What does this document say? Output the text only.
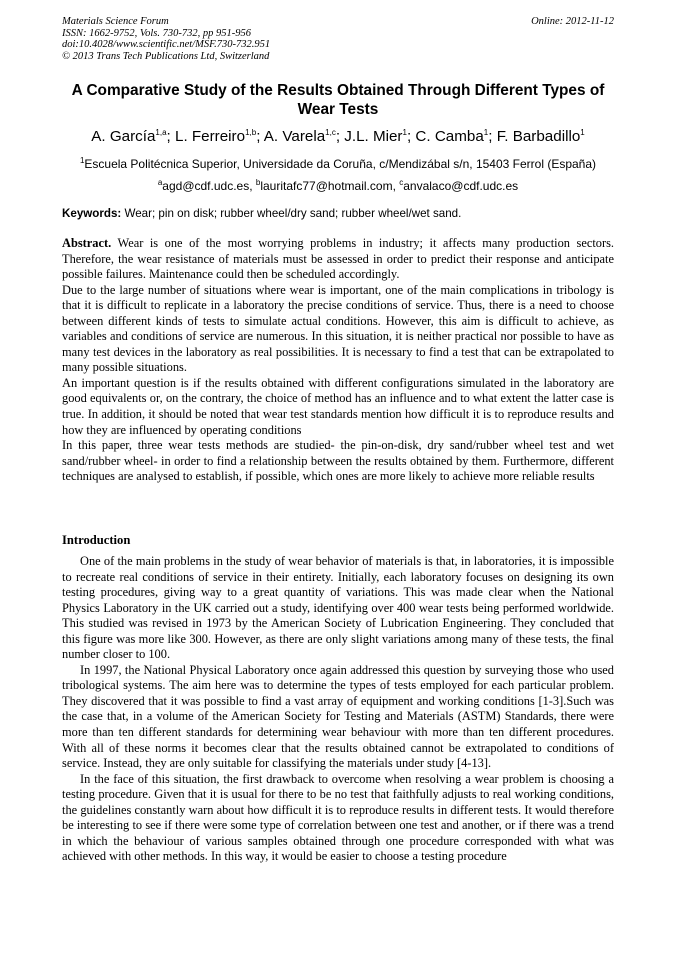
Materials Science Forum
ISSN: 1662-9752, Vols. 730-732, pp 951-956
doi:10.4028/www.scientific.net/MSF.730-732.951
© 2013 Trans Tech Publications Ltd, Switzerland
Online: 2012-11-12
A Comparative Study of the Results Obtained Through Different Types of Wear Tests
A. García$^{1,a}$; L. Ferreiro$^{1,b}$; A. Varela$^{1,c}$; J.L. Mier$^1$; C. Camba$^1$; F. Barbadillo$^1$
$^1$Escuela Politécnica Superior, Universidade da Coruña, c/Mendizábal s/n, 15403 Ferrol (España)
$^a$agd@cdf.udc.es, $^b$lauritafc77@hotmail.com, $^c$anvalaco@cdf.udc.es
Keywords: Wear; pin on disk; rubber wheel/dry sand; rubber wheel/wet sand.

Abstract. Wear is one of the most worrying problems in industry; it affects many production sectors. Therefore, the wear resistance of materials must be assessed in order to predict their response and anticipate possible failures. Maintenance could then be scheduled accordingly.

Due to the large number of situations where wear is important, one of the main complications in tribology is that it is difficult to replicate in a laboratory the precise conditions of service. Thus, there is a need to choose between different kinds of tests to simulate actual conditions. However, this aim is difficult to achieve, as variables and conditions of service are numerous. In this situation, it is neither practical nor possible to have as many test devices in the laboratory as real possibilities. It is necessary to find a test that can be extrapolated to many possible situations.

An important question is if the results obtained with different configurations simulated in the laboratory are good equivalents or, on the contrary, the choice of method has an influence and to what extent the latter case is true. In addition, it should be noted that wear test standards mention how difficult it is to reproduce results and how they are influenced by operating conditions

In this paper, three wear tests methods are studied- the pin-on-disk, dry sand/rubber wheel test and wet sand/rubber wheel- in order to find a relationship between the results obtained by them. Furthermore, different techniques are analysed to establish, if possible, which ones are more likely to achieve more reliable results

Introduction

One of the main problems in the study of wear behavior of materials is that, in laboratories, it is impossible to recreate real conditions of service in their entirety. Initially, each laboratory focuses on designing its own testing procedures, giving way to a great quantity of variations. This was made clear when the National Physics Laboratory in the UK carried out a study, identifying over 400 wear tests being performed worldwide. This studied was revised in 1973 by the American Society of Lubrication Engineering. They concluded that this figure was more like 300. However, as there are only slight variations among many of these tests, the final number closer to 100.

In 1997, the National Physical Laboratory once again addressed this question by surveying those who used tribological systems. The aim here was to determine the types of tests employed for each particular problem. They discovered that it was possible to find a vast array of equipment and working conditions [1-3].Such was the case that, in a volume of the American Society for Testing and Materials (ASTM) Standards, there were more than ten different standards for determining wear behaviour with more than ten different procedures. With all of these norms it becomes clear that the results obtained cannot be extrapolated to conditions of service. Instead, they are only suitable for classifying the materials under study [4-13].

In the face of this situation, the first drawback to overcome when resolving a wear problem is choosing a testing procedure. Given that it is usual for there to be no test that faithfully adjusts to real working conditions, the guidelines constantly warn about how difficult it is to reproduce results in different tests. It would therefore be interesting to see if there were some type of correlation between one test and another, or if there was a trend in which the behaviour of various samples obtained through one procedure corresponded with what was achieved with other methods. In this way, it would be easier to choose a testing procedure
